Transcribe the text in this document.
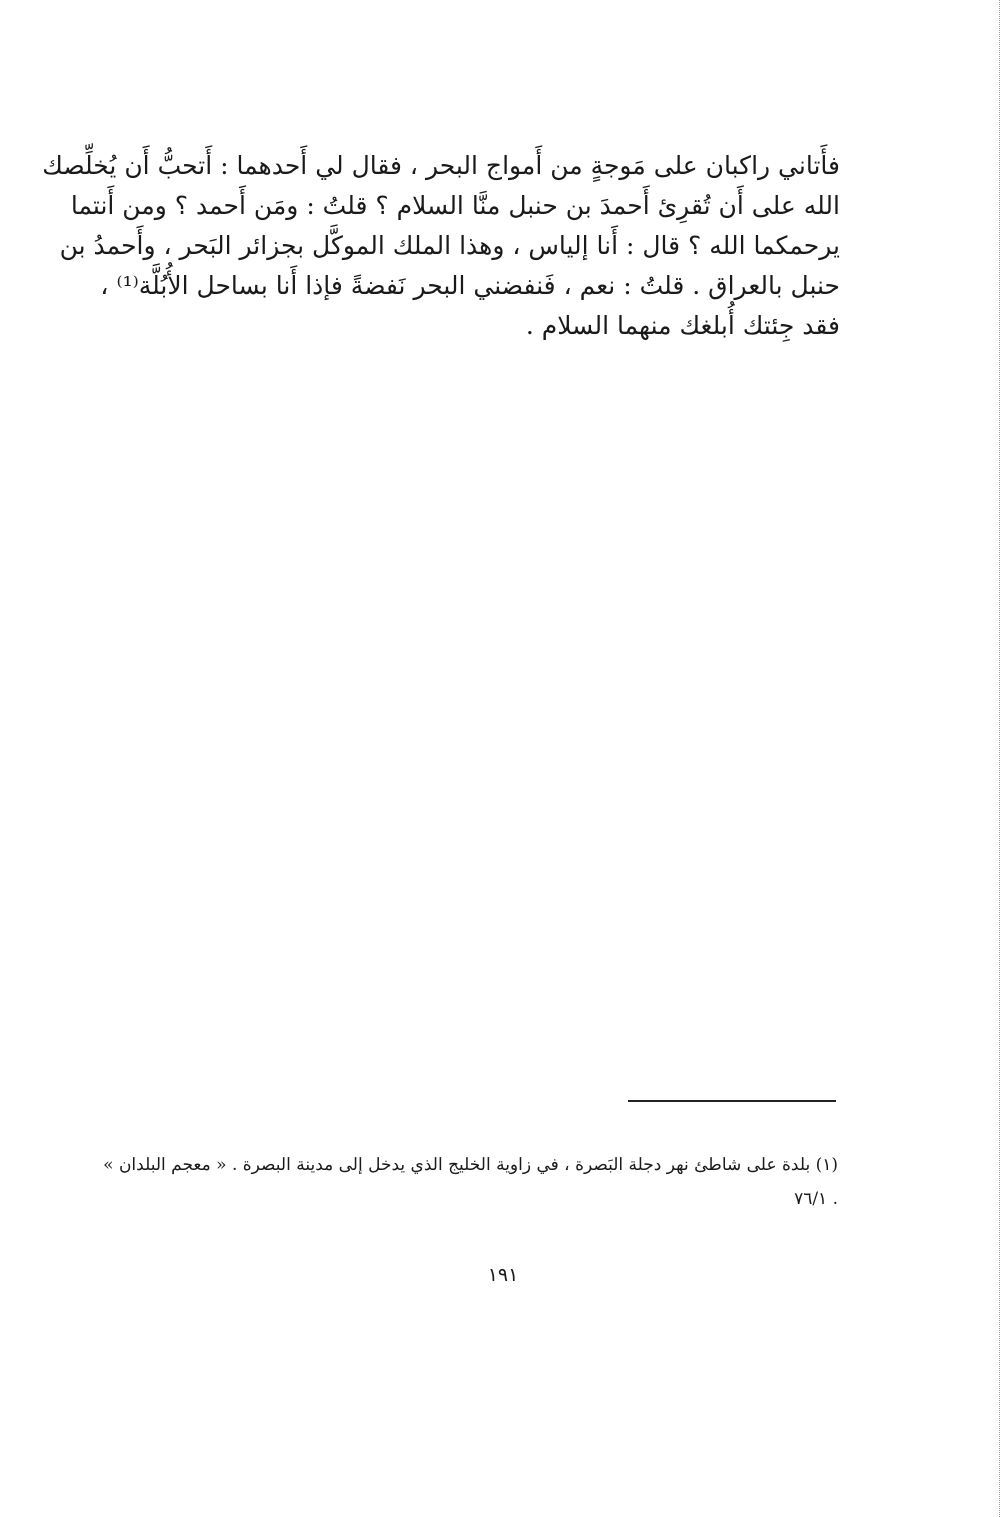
فأَتاني راكبان على مَوجةٍ من أَمواج البحر ، فقال لي أَحدهما : أَتحبُّ أَن يُخلِّصك
الله على أَن تُقرِئ أَحمدَ بن حنبل منَّا السلام ؟ قلتُ : ومَن أَحمد ؟ ومن أَنتما
يرحمكما الله ؟ قال : أَنا إلياس ، وهذا الملك الموكَّل بجزائر البَحر ، وأَحمدُ بن
حنبل بالعراق . قلتُ : نعم ، فَنفضني البحر نَفضةً فإذا أَنا بساحل الأُبُلَّة⁽¹⁾ ،
فقد جِئتك أُبلغك منهما السلام .
(١) بلدة على شاطئ نهر دجلة البَصرة ، في زاوية الخليج الذي يدخل إلى مدينة البصرة . « معجم البلدان »
. ٧٦/١
١٩١
